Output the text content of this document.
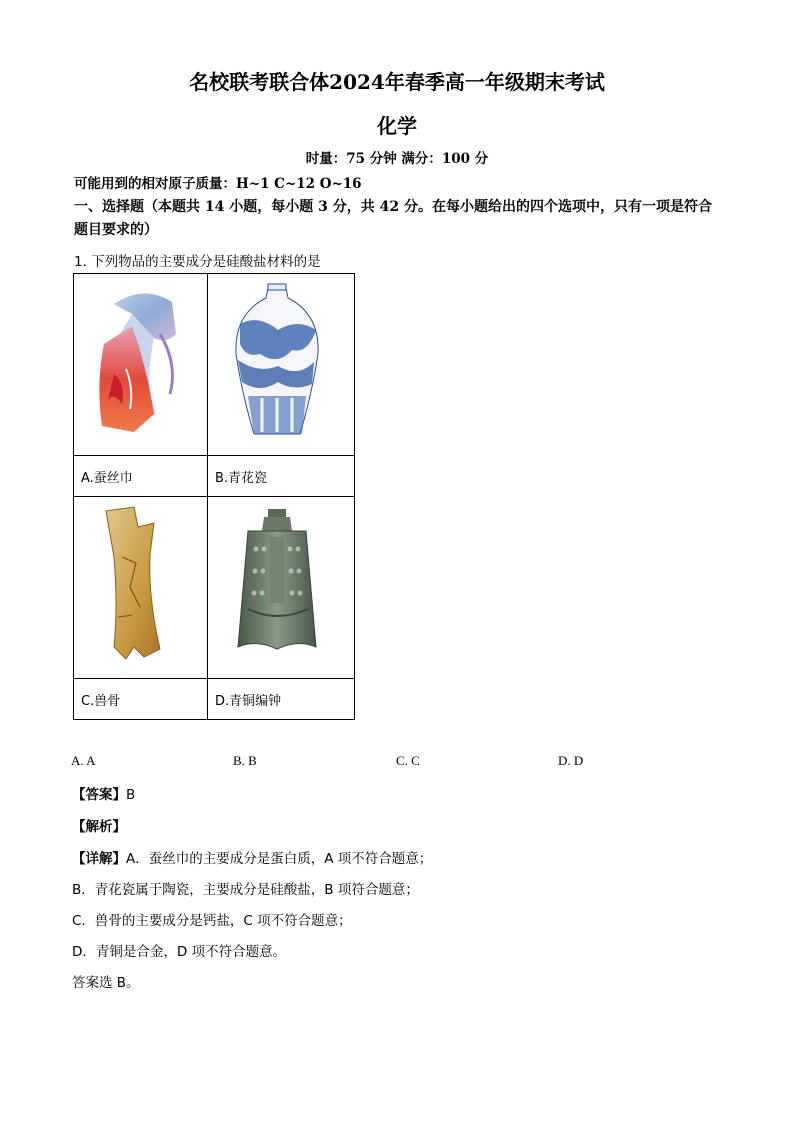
名校联考联合体2024年春季高一年级期末考试
化学
时量：75 分钟 满分：100 分
可能用到的相对原子质量：H~1 C~12 O~16
一、选择题（本题共 14 小题，每小题 3 分，共 42 分。在每小题给出的四个选项中，只有一项是符合题目要求的）
1. 下列物品的主要成分是硅酸盐材料的是

A.蚕丝巾	B.青花瓷

C.兽骨	D.青铜编钟
A. A	B. B	C. C	D. D
【答案】B
【解析】
【详解】A．蚕丝巾的主要成分是蛋白质，A 项不符合题意；
B．青花瓷属于陶瓷，主要成分是硅酸盐，B 项符合题意；
C．兽骨的主要成分是钙盐，C 项不符合题意；
D．青铜是合金，D 项不符合题意。
答案选 B。
